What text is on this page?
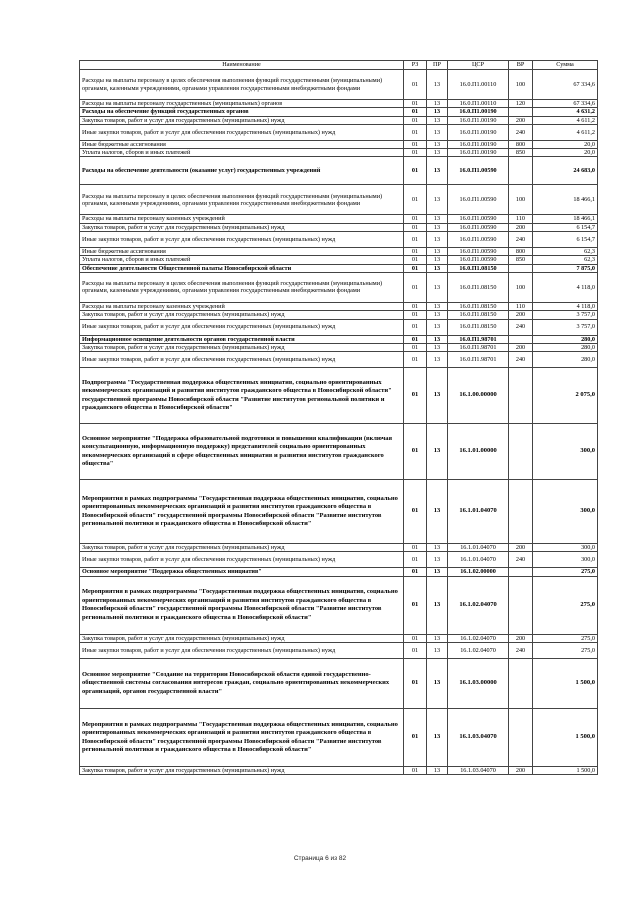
Наименование	РЗ	ПР	ЦСР	ВР	Сумма
Расходы на выплаты персоналу в целях обеспечения выполнения функций государственными (муниципальными) органами, казенными учреждениями, органами управления государственными внебюджетными фондами	01	13	16.0.П1.00110	100	67 334,6
Расходы на выплаты персоналу государственных (муниципальных) органов	01	13	16.0.П1.00110	120	67 334,6
Расходы на обеспечение функций государственных органов	01	13	16.0.П1.00190		4 631,2
Закупка товаров, работ и услуг для государственных (муниципальных) нужд	01	13	16.0.П1.00190	200	4 611,2
Иные закупки товаров, работ и услуг для обеспечения государственных (муниципальных) нужд	01	13	16.0.П1.00190	240	4 611,2
Иные бюджетные ассигнования	01	13	16.0.П1.00190	800	20,0
Уплата налогов, сборов и иных платежей	01	13	16.0.П1.00190	850	20,0
Расходы на обеспечение деятельности (оказание услуг) государственных учреждений	01	13	16.0.П1.00590		24 683,0
Расходы на выплаты персоналу в целях обеспечения выполнения функций государственными (муниципальными) органами, казенными учреждениями, органами управления государственными внебюджетными фондами	01	13	16.0.П1.00590	100	18 466,1
Расходы на выплаты персоналу казенных учреждений	01	13	16.0.П1.00590	110	18 466,1
Закупка товаров, работ и услуг для государственных (муниципальных) нужд	01	13	16.0.П1.00590	200	6 154,7
Иные закупки товаров, работ и услуг для обеспечения государственных (муниципальных) нужд	01	13	16.0.П1.00590	240	6 154,7
Иные бюджетные ассигнования	01	13	16.0.П1.00590	800	62,3
Уплата налогов, сборов и иных платежей	01	13	16.0.П1.00590	850	62,3
Обеспечение деятельности Общественной палаты Новосибирской области	01	13	16.0.П1.08150		7 875,0
Расходы на выплаты персоналу в целях обеспечения выполнения функций государственными (муниципальными) органами, казенными учреждениями, органами управления государственными внебюджетными фондами	01	13	16.0.П1.08150	100	4 118,0
Расходы на выплаты персоналу казенных учреждений	01	13	16.0.П1.08150	110	4 118,0
Закупка товаров, работ и услуг для государственных (муниципальных) нужд	01	13	16.0.П1.08150	200	3 757,0
Иные закупки товаров, работ и услуг для обеспечения государственных (муниципальных) нужд	01	13	16.0.П1.08150	240	3 757,0
Информационное освещение деятельности органов государственной власти	01	13	16.0.П1.98701		280,0
Закупка товаров, работ и услуг для государственных (муниципальных) нужд	01	13	16.0.П1.98701	200	280,0
Иные закупки товаров, работ и услуг для обеспечения государственных (муниципальных) нужд	01	13	16.0.П1.98701	240	280,0
Подпрограмма "Государственная поддержка общественных инициатив, социально ориентированных некоммерческих организаций и развития институтов гражданского общества в Новосибирской области" государственной программы Новосибирской области "Развитие институтов региональной политики и гражданского общества в Новосибирской области"	01	13	16.1.00.00000		2 075,0
Основное мероприятие "Поддержка образовательной подготовки и повышения квалификации (включая консультационную, информационную поддержку) представителей социально ориентированных некоммерческих организаций в сфере общественных инициатив и развития институтов гражданского общества"	01	13	16.1.01.00000		300,0
Мероприятия в рамках подпрограммы "Государственная поддержка общественных инициатив, социально ориентированных некоммерческих организаций и развития институтов гражданского общества в Новосибирской области" государственной программы Новосибирской области "Развитие институтов региональной политики и гражданского общества в Новосибирской области"	01	13	16.1.01.04070		300,0
Закупка товаров, работ и услуг для государственных (муниципальных) нужд	01	13	16.1.01.04070	200	300,0
Иные закупки товаров, работ и услуг для обеспечения государственных (муниципальных) нужд	01	13	16.1.01.04070	240	300,0
Основное мероприятие "Поддержка общественных инициатив"	01	13	16.1.02.00000		275,0
Мероприятия в рамках подпрограммы "Государственная поддержка общественных инициатив, социально ориентированных некоммерческих организаций и развития институтов гражданского общества в Новосибирской области" государственной программы Новосибирской области "Развитие институтов региональной политики и гражданского общества в Новосибирской области"	01	13	16.1.02.04070		275,0
Закупка товаров, работ и услуг для государственных (муниципальных) нужд	01	13	16.1.02.04070	200	275,0
Иные закупки товаров, работ и услуг для обеспечения государственных (муниципальных) нужд	01	13	16.1.02.04070	240	275,0
Основное мероприятие "Создание на территории Новосибирской области единой государственно-общественной системы согласования интересов граждан, социально ориентированных некоммерческих организаций, органов государственной власти"	01	13	16.1.03.00000		1 500,0
Мероприятия в рамках подпрограммы "Государственная поддержка общественных инициатив, социально ориентированных некоммерческих организаций и развития институтов гражданского общества в Новосибирской области" государственной программы Новосибирской области "Развитие институтов региональной политики и гражданского общества в Новосибирской области"	01	13	16.1.03.04070		1 500,0
Закупка товаров, работ и услуг для государственных (муниципальных) нужд	01	13	16.1.03.04070	200	1 500,0
Страница 6 из 82
